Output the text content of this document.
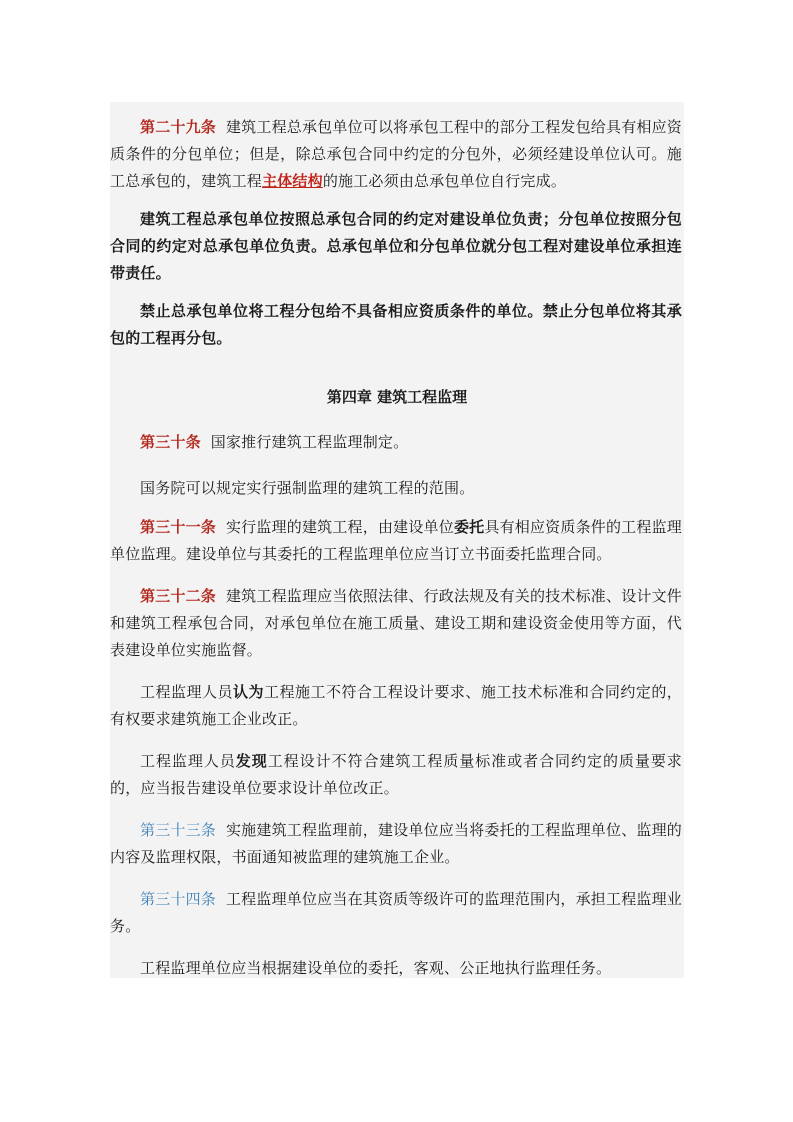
第二十九条 建筑工程总承包单位可以将承包工程中的部分工程发包给具有相应资质条件的分包单位；但是，除总承包合同中约定的分包外，必须经建设单位认可。施工总承包的，建筑工程主体结构的施工必须由总承包单位自行完成。

建筑工程总承包单位按照总承包合同的约定对建设单位负责；分包单位按照分包合同的约定对总承包单位负责。总承包单位和分包单位就分包工程对建设单位承担连带责任。

禁止总承包单位将工程分包给不具备相应资质条件的单位。禁止分包单位将其承包的工程再分包。

第四章 建筑工程监理

第三十条 国家推行建筑工程监理制定。

国务院可以规定实行强制监理的建筑工程的范围。

第三十一条 实行监理的建筑工程，由建设单位委托具有相应资质条件的工程监理单位监理。建设单位与其委托的工程监理单位应当订立书面委托监理合同。

第三十二条 建筑工程监理应当依照法律、行政法规及有关的技术标准、设计文件和建筑工程承包合同，对承包单位在施工质量、建设工期和建设资金使用等方面，代表建设单位实施监督。

工程监理人员认为工程施工不符合工程设计要求、施工技术标准和合同约定的，有权要求建筑施工企业改正。

工程监理人员发现工程设计不符合建筑工程质量标准或者合同约定的质量要求的，应当报告建设单位要求设计单位改正。

第三十三条 实施建筑工程监理前，建设单位应当将委托的工程监理单位、监理的内容及监理权限，书面通知被监理的建筑施工企业。

第三十四条 工程监理单位应当在其资质等级许可的监理范围内，承担工程监理业务。

工程监理单位应当根据建设单位的委托，客观、公正地执行监理任务。
